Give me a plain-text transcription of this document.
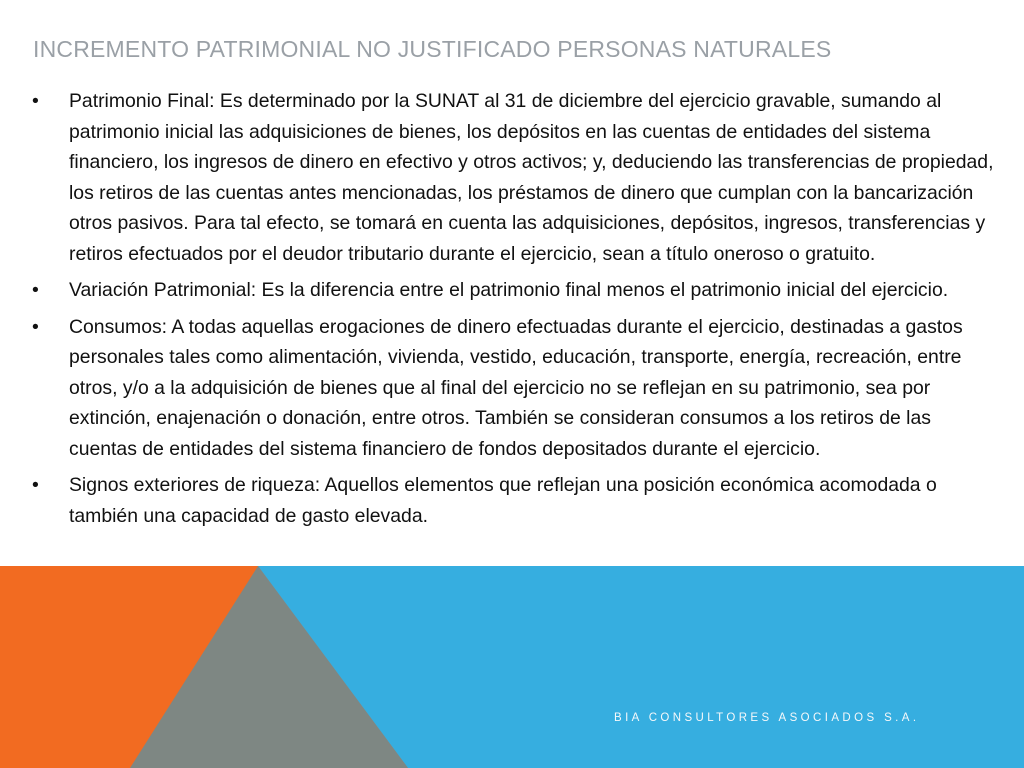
INCREMENTO PATRIMONIAL NO JUSTIFICADO PERSONAS NATURALES
• Patrimonio Final: Es determinado por la SUNAT al 31 de diciembre del ejercicio gravable, sumando al patrimonio inicial las adquisiciones de bienes, los depósitos en las cuentas de entidades del sistema financiero, los ingresos de dinero en efectivo y otros activos; y, deduciendo las transferencias de propiedad, los retiros de las cuentas antes mencionadas, los préstamos de dinero que cumplan con la bancarización otros pasivos. Para tal efecto, se tomará en cuenta las adquisiciones, depósitos, ingresos, transferencias y retiros efectuados por el deudor tributario durante el ejercicio, sean a título oneroso o gratuito.
• Variación Patrimonial: Es la diferencia entre el patrimonio final menos el patrimonio inicial del ejercicio.
• Consumos: A todas aquellas erogaciones de dinero efectuadas durante el ejercicio, destinadas a gastos personales tales como alimentación, vivienda, vestido, educación, transporte, energía, recreación, entre otros, y/o a la adquisición de bienes que al final del ejercicio no se reflejan en su patrimonio, sea por extinción, enajenación o donación, entre otros. También se consideran consumos a los retiros de las cuentas de entidades del sistema financiero de fondos depositados durante el ejercicio.
• Signos exteriores de riqueza: Aquellos elementos que reflejan una posición económica acomodada o también una capacidad de gasto elevada.
BIA CONSULTORES ASOCIADOS S.A.
